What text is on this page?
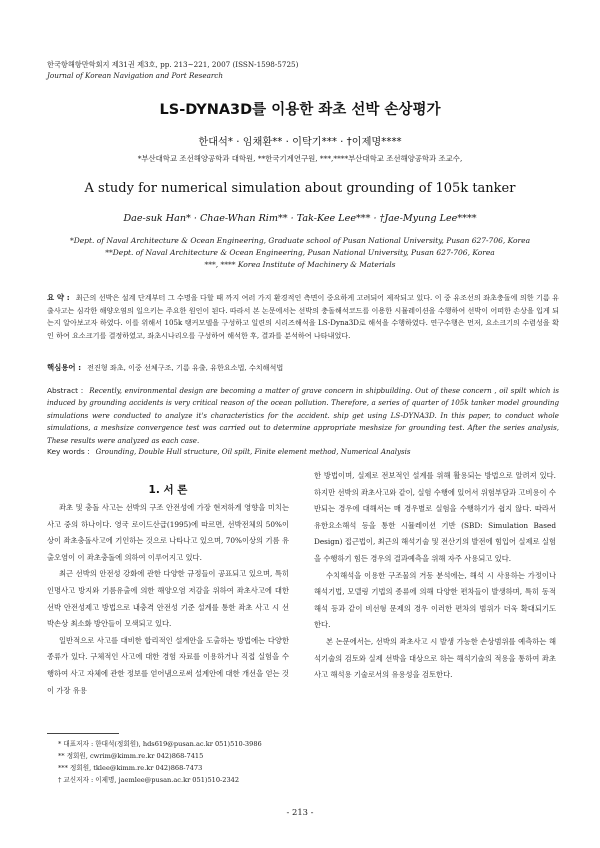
한국항해항만학회지 제31권 제3호, pp. 213~221, 2007 (ISSN-1598-5725)
Journal of Korean Navigation and Port Research
LS-DYNA3D를 이용한 좌초 선박 손상평가
한대석* · 임채환** · 이탁기*** · †이제명****
*부산대학교 조선해양공학과 대학원, **한국기계연구원, ***,****부산대학교 조선해양공학과 조교수,
A study for numerical simulation about grounding of 105k tanker
Dae-suk Han* · Chae-Whan Rim** · Tak-Kee Lee*** · †Jae-Myung Lee****
*Dept. of Naval Architecture & Ocean Engineering, Graduate school of Pusan National University, Pusan 627-706, Korea
**Dept. of Naval Architecture & Ocean Engineering, Pusan National University, Pusan 627-706, Korea
***, **** Korea Institute of Machinery & Materials

요 약 : 최근의 선박은 설계 단계부터 그 수명을 다할 때 까지 여러 가지 환경적인 측면이 중요하게 고려되어 제작되고 있다. 이 중 유조선의 좌초충돌에 의한 기름 유출사고는 심각한 해양오염의 일으키는 주요한 원인이 된다. 따라서 본 논문에서는 선박의 충돌해석코드를 이용한 시뮬레이션을 수행하여 선박이 어떠한 손상을 입게 되는지 알아보고자 하였다. 이를 위해서 105k 탱커모델을 구성하고 일련의 시리즈해석을 LS-Dyna3D로 해석을 수행하였다. 연구수행은 먼저, 요소크기의 수렴성을 확인 하여 요소크기를 결정하였고, 좌초시나리오를 구성하여 해석한 후, 결과를 분석하여 나타내었다.

핵심용어 : 전진형 좌초, 이중 선체구조, 기름 유출, 유한요소법, 수치해석법

Abstract : Recently, environmental design are becoming a matter of grave concern in shipbuilding. Out of these concern , oil spilt which is induced by grounding accidents is very critical reason of the ocean pollution. Therefore, a series of quarter of 105k tanker model grounding simulations were conducted to analyze it's characteristics for the accident. ship get using LS-DYNA3D. In this paper, to conduct whole simulations, a meshsize convergence test was carried out to determine appropriate meshsize for grounding test. After the series analysis, These results were analyzed as each case.

Key words : Grounding, Double Hull structure, Oil spilt, Finite element method, Numerical Analysis

1. 서 론

좌초 및 충돌 사고는 선박의 구조 안전성에 가장 현저하게 영향을 미치는 사고 중의 하나이다. 영국 로이드산급(1995)에 따르면, 선박전체의 50%이상이 좌초충돌사고에 기인하는 것으로 나타나고 있으며, 70%이상의 기름 유출오염이 이 좌초충돌에 의하여 이루어지고 있다.

최근 선박의 안전성 강화에 관한 다양한 규정들이 공표되고 있으며, 특히 인명사고 방지와 기름유출에 의한 해양오염 저감을 위하여 좌초사고에 대한 선박 안전성제고 방법으로 내충격 안전성 기준 설계를 통한 좌초 사고 시 선박손상 최소화 방안들이 모색되고 있다.

일반적으로 사고를 대비한 합리적인 설계안을 도출하는 방법에는 다양한 종류가 있다. 구체적인 사고에 대한 경험 자료를 이용하거나 직접 실험을 수행하여 사고 자체에 관한 정보를 얻어냄으로써 설계안에 대한 개선을 얻는 것이 가장 유용

한 방법이며, 실제로 전보적인 설계를 위해 활용되는 방법으로 알려져 있다. 하지만 선박의 좌초사고와 같이, 실험 수행에 있어서 위험부담과 고비용이 수반되는 경우에 대해서는 매 경우별로 실험을 수행하기가 쉽지 않다. 따라서 유한요소해석 등을 통한 시뮬레이션 기반 (SBD: Simulation Based Design) 접근법이, 최근의 해석기술 및 전산기의 발전에 힘입어 실제로 실험을 수행하기 힘든 경우의 결과예측을 위해 자주 사용되고 있다.

수치해석을 이용한 구조물의 거동 분석에는, 해석 시 사용하는 가정이나 해석기법, 모델링 기법의 종류에 의해 다양한 편차들이 발생하며, 특히 동적 해석 등과 같이 비선형 문제의 경우 이러한 편차의 범위가 더욱 확대되기도 한다.

본 논문에서는, 선박의 좌초사고 시 발생 가능한 손상범위를 예측하는 해석기술의 검토와 실제 선박을 대상으로 하는 해석기술의 적용을 통하여 좌초사고 해석용 기술로서의 유용성을 검토한다.

* 대표저자 : 한대석(정회원), hds619@pusan.ac.kr 051)510-3986
** 정회원, cwrim@kimm.re.kr 042)868-7415
*** 정회원, tklee@kimm.re.kr 042)868-7473
† 교신저자 : 이제명, jaemlee@pusan.ac.kr 051)510-2342
- 213 -
